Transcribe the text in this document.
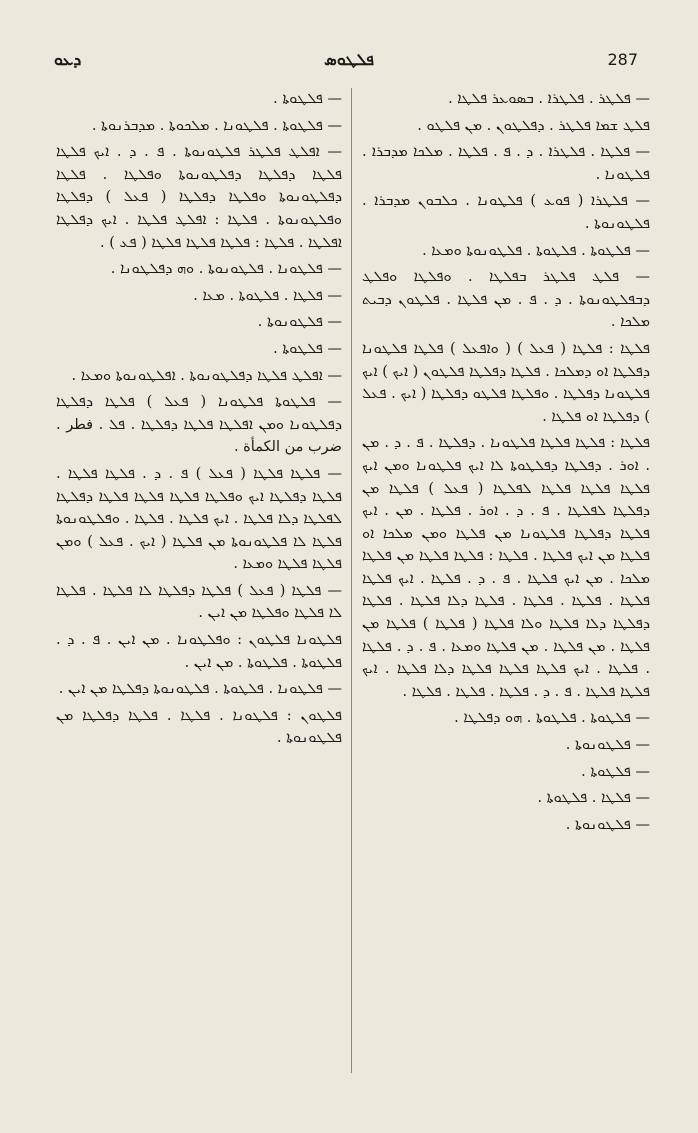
ܕܥܘ	ܦܠܛܘܣ	287

— ܦܠܛܪ . ܦܠܛܪܐ . ܒܣܘܥܪ ܦܠܛܐ .

ܦܠܛ ܫܡܐ ܦܠܛܪ . ܕܦܠܛܘܢ . ܡܢ ܦܠܛܘ .

— ܦܠܛܐ . ܦܠܛܪܐ . ܕ . ܦ . ܦܠܛܐ . ܡܠܟܐ ܡܕܒܪܐ . ܦܠܛܘܢܐ .

— ܦܠܛܪܐ ( ܦܘܥ ) ܦܠܛܘܢܐ . ܟܠܒܘܢ ܡܕܒܪܐ . ܦܠܛܘܢܘܬܐ .

— ܦܠܛܘܬܐ . ܦܠܛܘܬܐ . ܦܠܛܘܢܘܬܐ ܘܡܥܐ .

— ܦܠܛ ܦܠܛܪ ܒܦܠܛܐ . ܘܦܠܛܐ ܘܦܠܛ ܕܒܦܠܛܘܢܘܬܐ . ܕ . ܦ . ܡܢ ܦܠܛܐ . ܦܠܛܘܢ ܕܒܝܬ ܡܠܟܐ .

ܦܠܛܐ : ܦܠܛܐ ( ܦܥܠ ) ( ܘܐܦܥܠ ) ܦܠܛܐ ܦܠܛܘܢܐ ܕܦܠܛܐ ܐܘ ܕܡܠܟܐ . ܦܠܛܐ ܕܦܠܛܐ ܦܠܛܘܢ ( ܐܝܟ ) ܐܝܟ ܦܠܛܘܢܐ ܕܦܠܛܐ . ܘܦܠܛܐ ܦܠܛܘ ܕܦܠܛܐ ( ܐܝܟ . ܦܥܠ ) ܕܦܠܛܐ ܐܘ ܦܠܛܐ .

ܦܠܛܐ : ܦܠܛܐ ܦܠܛܐ ܦܠܛܘܢܐ . ܕܦܠܛܐ . ܦ . ܕ . ܡܢ . ܐܘܪ . ܕܦܠܛܐ ܕܦܠܛܘܬܐ ܠܐ ܐܝܟ ܦܠܛܘܢܐ ܘܡܢ ܐܝܟ ܦܠܛܐ ܦܠܛܐ ܦܠܛܐ ܠܦܠܛܐ ( ܦܥܠ ) ܦܠܛܐ ܡܢ ܕܦܠܛܐ ܠܦܠܛܐ . ܦ . ܕ . ܐܘܪ . ܦܠܛܐ . ܡܢ . ܐܝܟ ܦܠܛܐ ܕܦܠܛܐ ܦܠܛܘܢܐ ܡܢ ܦܠܛܐ ܘܡܢ ܡܠܟܐ ܐܘ ܦܠܛܐ ܡܢ ܐܝܟ ܦܠܛܐ . ܦܠܛܐ : ܦܠܛܐ ܦܠܛܐ ܡܢ ܦܠܛܐ ܡܠܟܐ . ܡܢ ܐܝܟ ܦܠܛܐ . ܦ . ܕ . ܦܠܛܐ . ܐܝܟ ܦܠܛܐ ܦܠܛܐ . ܦܠܛܐ . ܦܠܛܐ . ܦܠܛܐ ܕܠܐ ܦܠܛܐ . ܦܠܛܐ ܕܦܠܛܐ ܕܠܐ ܦܠܛܐ ܘܠܐ ܦܠܛܐ ( ܦܠܛܐ ) ܦܠܛܐ ܡܢ ܦܠܛܐ . ܡܢ ܦܠܛܐ . ܡܢ ܦܠܛܐ ܘܡܥܐ . ܦ . ܕ . ܦܠܛܐ . ܦܠܛܐ . ܐܝܟ ܦܠܛܐ ܦܠܛܐ ܦܠܛܐ ܕܠܐ ܦܠܛܐ . ܐܝܟ ܦܠܛܐ ܦܠܛܐ . ܦ . ܕ . ܦܠܛܐ . ܦܠܛܐ . ܦܠܛܐ .

— ܦܠܛܘܬܐ . ܦܠܛܘܬܐ . ܗܘ ܕܦܠܛܐ .

— ܦܠܛܘܢܘܬܐ .

— ܦܠܛܘܬܐ .

— ܦܠܛܐ . ܦܠܛܘܬܐ .

— ܦܠܛܘܢܘܬܐ .

— ܦܠܛܘܬܐ .

— ܦܠܛܘܬܐ . ܦܠܛܘܢܐ . ܡܠܟܘܬܐ . ܡܕܒܪܢܘܬܐ .

— ܐܦܠܛ ܦܠܛܪ ܦܠܛܘܢܘܬܐ . ܦ . ܕ . ܐܝܟ ܦܠܛܐ ܦܠܛܐ ܕܦܠܛܐ ܕܦܠܛܘܢܘܬܐ ܘܦܠܛܐ . ܦܠܛܐ ܕܦܠܛܘܢܘܬܐ ܘܦܠܛܐ ܕܦܠܛܐ ( ܦܥܠ ) ܕܦܠܛܐ ܘܦܠܛܘܢܘܬܐ . ܦܠܛܐ : ܐܦܠܛ ܦܠܛܐ . ܐܝܟ ܕܦܠܛܐ ܐܦܠܛܐ . ܦܠܛܐ : ܦܠܛܐ ܦܠܛܐ ܦܠܛܐ ( ܦܥ ) .

— ܦܠܛܘܢܐ . ܦܠܛܘܢܘܬܐ . ܘܗ ܕܦܠܛܘܢܐ .

— ܦܠܛܐ . ܦܠܛܘܬܐ . ܡܥܐ .

— ܦܠܛܘܢܘܬܐ .

— ܦܠܛܘܬܐ .

— ܐܦܠܛ ܦܠܛܐ ܕܦܠܛܘܢܘܬܐ . ܐܦܠܛܘܢܘܬܐ ܘܡܥܐ .

— ܦܠܛܘܬܐ ܦܠܛܘܢܐ ( ܦܥܠ ) ܦܠܛܐ ܕܦܠܛܐ ܕܦܠܛܘܢܐ ܘܡܢ ܐܦܠܛܐ ܦܠܛܐ ܕܦܠܛܐ . ܦܠ . فطر . ضرب من الكمأة .

— ܦܠܛܐ ܦܠܛܐ ( ܦܥܠ ) ܦ . ܕ . ܦܠܛܐ ܦܠܛܐ . ܦܠܛܐ ܕܦܠܛܐ ܐܝܟ ܘܦܠܛܐ ܦܠܛܐ ܦܠܛܐ ܦܠܛܐ ܕܦܠܛܐ ܠܦܠܛܐ ܕܠܐ ܦܠܛܐ . ܐܝܟ ܦܠܛܐ . ܦܠܛܐ . ܘܦܠܛܘܢܘܬܐ ܦܠܛܐ ܠܐ ܦܠܛܘܢܘܬܐ ܡܢ ܦܠܛܐ ( ܐܝܟ . ܦܥܠ ) ܘܡܢ ܦܠܛܐ ܦܠܛܐ ܘܡܥܐ .

— ܦܠܛܐ ( ܦܥܠ ) ܦܠܛܐ ܕܦܠܛܐ ܠܐ ܦܠܛܐ . ܦܠܛܐ ܠܐ ܦܠܛܐ ܘܦܠܛܐ ܡܢ ܐܝܢ .

ܦܠܛܘܢܐ ܦܠܛܘܢ : ܘܦܠܛܘܢܐ . ܡܢ ܐܝܢ . ܦ . ܕ . ܦܠܛܘܬܐ . ܦܠܛܘܬܐ . ܡܢ ܐܝܢ .

— ܦܠܛܘܢܐ . ܦܠܛܘܬܐ . ܦܠܛܘܢܘܬܐ ܕܦܠܛܐ ܡܢ ܐܝܢ .

ܦܠܛܘܢ : ܦܠܛܘܢܐ . ܦܠܛܐ . ܦܠܛܐ ܕܦܠܛܐ ܡܢ ܦܠܛܘܢܘܬܐ .
